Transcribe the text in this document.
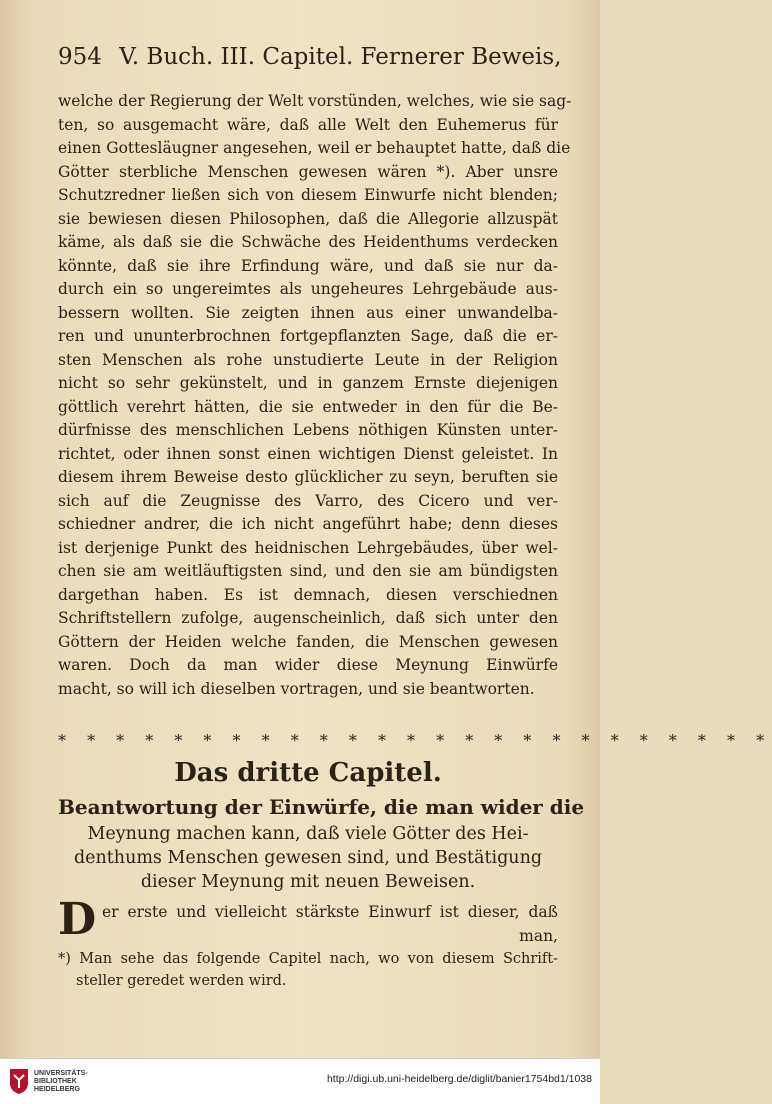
954 V. Buch. III. Capitel. Fernerer Beweis,
welche der Regierung der Welt vorstünden, welches, wie sie sag-
ten, so ausgemacht wäre, daß alle Welt den Euhemerus für
einen Gottesläugner angesehen, weil er behauptet hatte, daß die
Götter sterbliche Menschen gewesen wären *). Aber unsre
Schutzredner ließen sich von diesem Einwurfe nicht blenden;
sie bewiesen diesen Philosophen, daß die Allegorie allzuspät
käme, als daß sie die Schwäche des Heidenthums verdecken
könnte, daß sie ihre Erfindung wäre, und daß sie nur da-
durch ein so ungereimtes als ungeheures Lehrgebäude aus-
bessern wollten. Sie zeigten ihnen aus einer unwandelba-
ren und ununterbrochnen fortgepflanzten Sage, daß die er-
sten Menschen als rohe unstudierte Leute in der Religion
nicht so sehr gekünstelt, und in ganzem Ernste diejenigen
göttlich verehrt hätten, die sie entweder in den für die Be-
dürfnisse des menschlichen Lebens nöthigen Künsten unter-
richtet, oder ihnen sonst einen wichtigen Dienst geleistet. In
diesem ihrem Beweise desto glücklicher zu seyn, beruften sie
sich auf die Zeugnisse des Varro, des Cicero und ver-
schiedner andrer, die ich nicht angeführt habe; denn dieses
ist derjenige Punkt des heidnischen Lehrgebäudes, über wel-
chen sie am weitläuftigsten sind, und den sie am bündigsten
dargethan haben. Es ist demnach, diesen verschiednen
Schriftstellern zufolge, augenscheinlich, daß sich unter den
Göttern der Heiden welche fanden, die Menschen gewesen
waren. Doch da man wider diese Meynung Einwürfe
macht, so will ich dieselben vortragen, und sie beantworten.
* * * * * * * * * * * * * * * * * * * * * * * * *
Das dritte Capitel.
Beantwortung der Einwürfe, die man wider die
Meynung machen kann, daß viele Götter des Hei-
denthums Menschen gewesen sind, und Bestätigung
dieser Meynung mit neuen Beweisen.
D er erste und vielleicht stärkste Einwurf ist dieser, daß
man,
*) Man sehe das folgende Capitel nach, wo von diesem Schrift-
steller geredet werden wird.
UNIVERSITÄTS-
BIBLIOTHEK
HEIDELBERG
http://digi.ub.uni-heidelberg.de/diglit/banier1754bd1/1038
